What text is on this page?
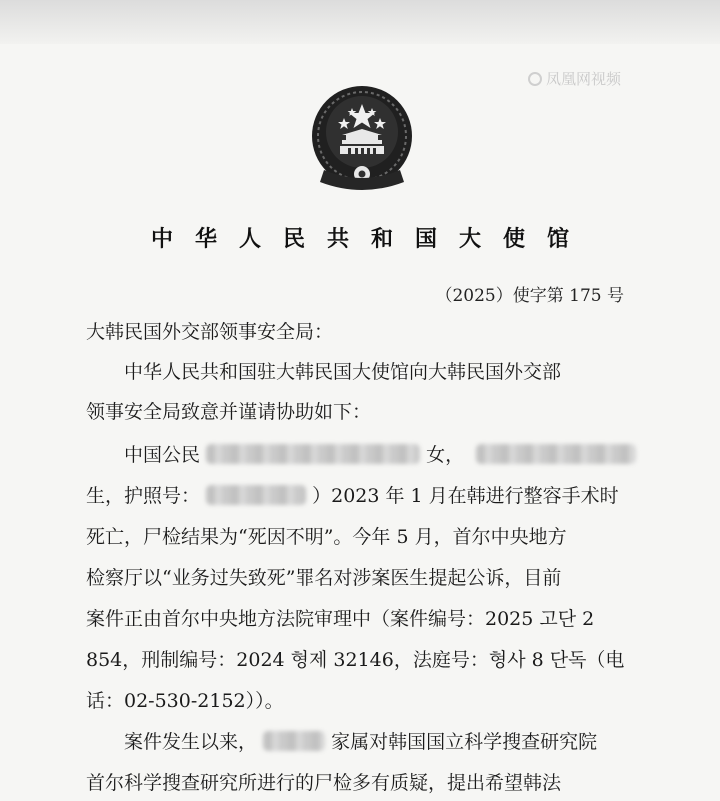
凤凰网视频
中华人民共和国大使馆
（2025）使字第 175 号
大韩民国外交部领事安全局：
中华人民共和国驻大韩民国大使馆向大韩民国外交部
领事安全局致意并谨请协助如下：
中国公民	女，
生，护照号：	）2023 年 1 月在韩进行整容手术时
死亡，尸检结果为“死因不明”。今年 5 月，首尔中央地方
检察厅以“业务过失致死”罪名对涉案医生提起公诉，目前
案件正由首尔中央地方法院审理中（案件编号：2025 고단 2
854，刑制编号：2024 형제 32146，法庭号：형사 8 단독（电
话：02-530-2152））。
案件发生以来，	家属对韩国国立科学搜查研究院
首尔科学搜查研究所进行的尸检多有质疑，提出希望韩法
